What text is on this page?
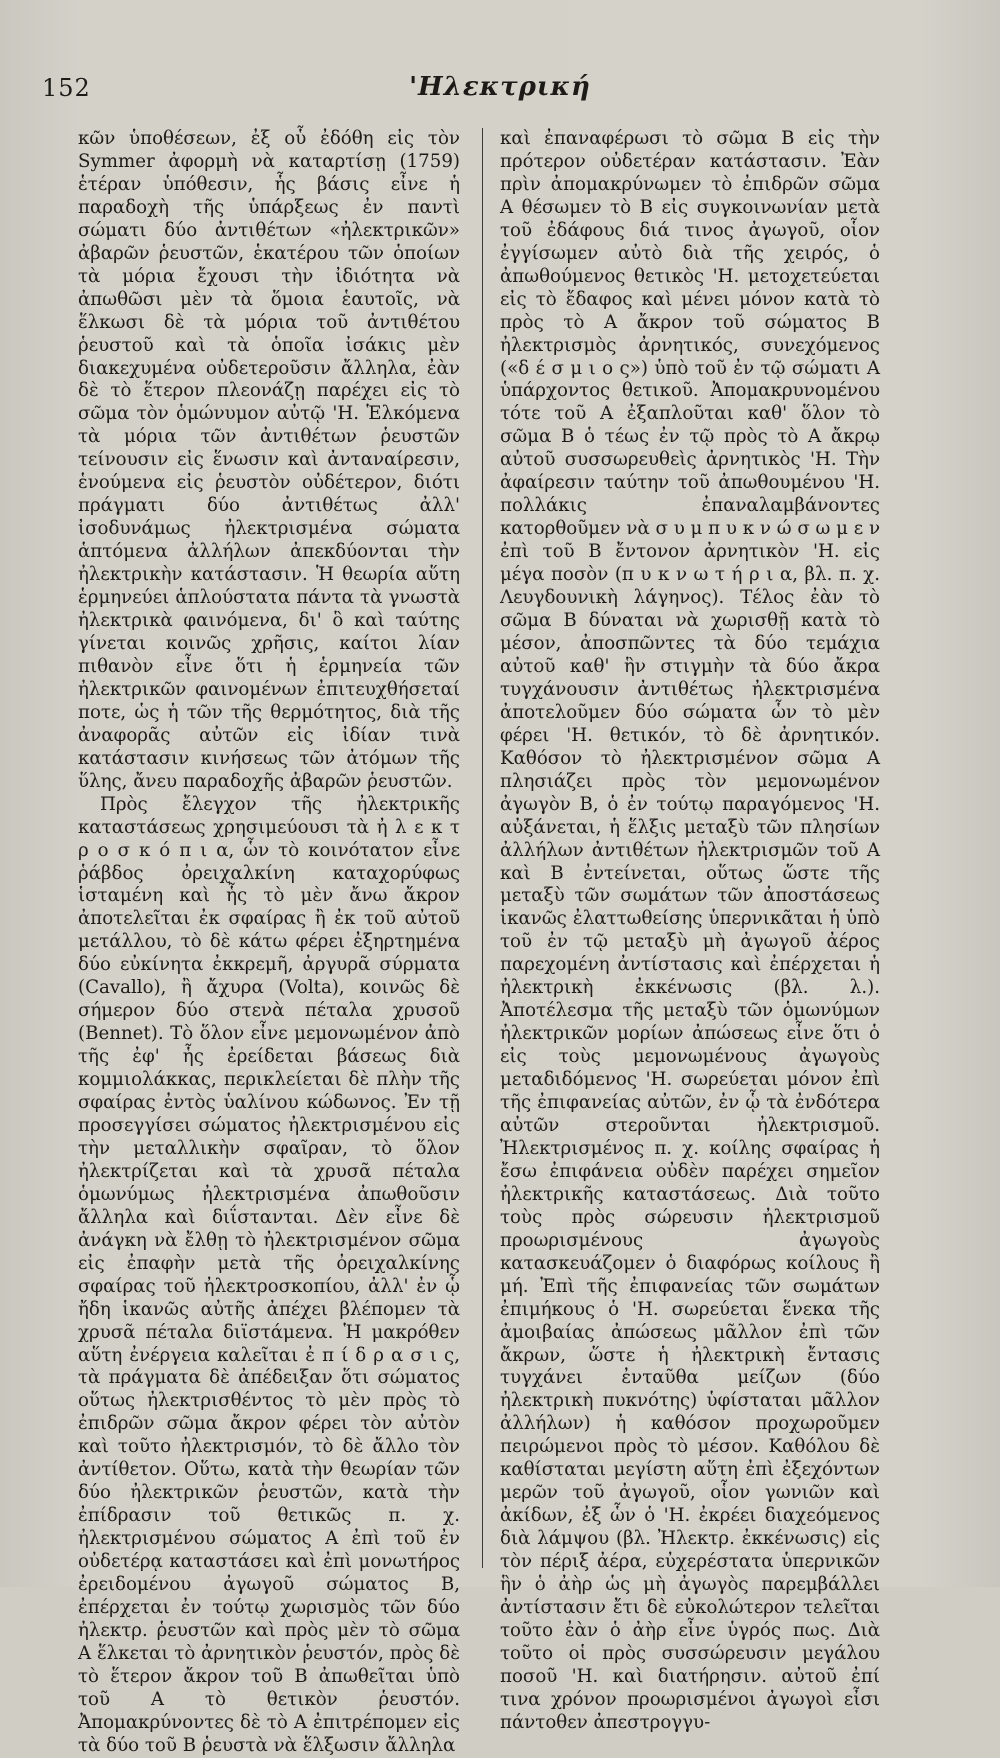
152	'Ηλεκτρική

κῶν ὑποθέσεων, ἐξ οὗ ἐδόθη εἰς τὸν Symmer ἀφορμὴ νὰ καταρτίσῃ (1759) ἑτέραν ὑπόθεσιν, ἧς βάσις εἶνε ἡ παραδοχὴ τῆς ὑπάρξεως ἐν παντὶ σώματι δύο ἀντιθέτων «ἠλεκτρικῶν» ἀβαρῶν ῥευστῶν, ἑκατέρου τῶν ὁποίων τὰ μόρια ἔχουσι τὴν ἰδιότητα νὰ ἀπωθῶσι μὲν τὰ ὅμοια ἑαυτοῖς, νὰ ἕλκωσι δὲ τὰ μόρια τοῦ ἀντιθέτου ῥευστοῦ καὶ τὰ ὁποῖα ἰσάκις μὲν διακεχυμένα οὐδετεροῦσιν ἄλληλα, ἐὰν δὲ τὸ ἕτερον πλεονάζῃ παρέχει εἰς τὸ σῶμα τὸν ὁμώνυμον αὐτῷ 'Η. Ἑλκόμενα τὰ μόρια τῶν ἀντιθέτων ῥευστῶν τείνουσιν εἰς ἕνωσιν καὶ ἀνταναίρεσιν, ἑνούμενα εἰς ῥευστὸν οὐδέτερον, διότι πράγματι δύο ἀντιθέτως ἀλλ' ἰσοδυνάμως ἠλεκτρισμένα σώματα ἁπτόμενα ἀλλήλων ἀπεκδύονται τὴν ἠλεκτρικὴν κατάστασιν. Ἡ θεωρία αὕτη ἑρμηνεύει ἁπλούστατα πάντα τὰ γνωστὰ ἠλεκτρικὰ φαινόμενα, δι' ὃ καὶ ταύτης γίνεται κοινῶς χρῆσις, καίτοι λίαν πιθανὸν εἶνε ὅτι ἡ ἑρμηνεία τῶν ἠλεκτρικῶν φαινομένων ἐπιτευχθήσεταί ποτε, ὡς ἡ τῶν τῆς θερμότητος, διὰ τῆς ἀναφορᾶς αὐτῶν εἰς ἰδίαν τινὰ κατάστασιν κινήσεως τῶν ἀτόμων τῆς ὕλης, ἄνευ παραδοχῆς ἀβαρῶν ῥευστῶν.

Πρὸς ἔλεγχον τῆς ἠλεκτρικῆς καταστάσεως χρησιμεύουσι τὰ ἠ λ ε κ τ ρ ο σ κ ό π ι α, ὧν τὸ κοινότατον εἶνε ῥάβδος ὀρειχαλκίνη καταχορύφως ἱσταμένη καὶ ἧς τὸ μὲν ἄνω ἄκρον ἀποτελεῖται ἐκ σφαίρας ἢ ἐκ τοῦ αὐτοῦ μετάλλου, τὸ δὲ κάτω φέρει ἐξηρτημένα δύο εὐκίνητα ἐκκρεμῆ, ἀργυρᾶ σύρματα (Cavallo), ἢ ἄχυρα (Volta), κοινῶς δὲ σήμερον δύο στενὰ πέταλα χρυσοῦ (Bennet). Τὸ ὅλον εἶνε μεμονωμένον ἀπὸ τῆς ἐφ' ἧς ἐρείδεται βάσεως διὰ κομμιολάκκας, περικλείεται δὲ πλὴν τῆς σφαίρας ἐντὸς ὑαλίνου κώδωνος. Ἐν τῇ προσεγγίσει σώματος ἠλεκτρισμένου εἰς τὴν μεταλλικὴν σφαῖραν, τὸ ὅλον ἠλεκτρίζεται καὶ τὰ χρυσᾶ πέταλα ὁμωνύμως ἠλεκτρισμένα ἀπωθοῦσιν ἄλληλα καὶ διΐστανται. Δὲν εἶνε δὲ ἀνάγκη νὰ ἔλθῃ τὸ ἠλεκτρισμένον σῶμα εἰς ἐπαφὴν μετὰ τῆς ὀρειχαλκίνης σφαίρας τοῦ ἠλεκτροσκοπίου, ἀλλ' ἐν ᾧ ἤδη ἱκανῶς αὐτῆς ἀπέχει βλέπομεν τὰ χρυσᾶ πέταλα διϊστάμενα. Ἡ μακρόθεν αὕτη ἐνέργεια καλεῖται ἐ π ί δ ρ α σ ι ς, τὰ πράγματα δὲ ἀπέδειξαν ὅτι σώματος οὕτως ἠλεκτρισθέντος τὸ μὲν πρὸς τὸ ἐπιδρῶν σῶμα ἄκρον φέρει τὸν αὐτὸν καὶ τοῦτο ἠλεκτρισμόν, τὸ δὲ ἄλλο τὸν ἀντίθετον. Οὕτω, κατὰ τὴν θεωρίαν τῶν δύο ἠλεκτρικῶν ῥευστῶν, κατὰ τὴν ἐπίδρασιν τοῦ θετικῶς π. χ. ἠλεκτρισμένου σώματος Α ἐπὶ τοῦ ἐν οὐδετέρᾳ καταστάσει καὶ ἐπὶ μονωτήρος ἐρειδομένου ἀγωγοῦ σώματος Β, ἐπέρχεται ἐν τούτῳ χωρισμὸς τῶν δύο ἠλεκτρ. ῥευστῶν καὶ πρὸς μὲν τὸ σῶμα Α ἕλκεται τὸ ἀρνητικὸν ῥευστόν, πρὸς δὲ τὸ ἕτερον ἄκρον τοῦ Β ἀπωθεῖται ὑπὸ τοῦ Α τὸ θετικὸν ῥευστόν. Ἀπομακρύνοντες δὲ τὸ Α ἐπιτρέπομεν εἰς τὰ δύο τοῦ Β ῥευστὰ νὰ ἕλξωσιν ἄλληλα

καὶ ἐπαναφέρωσι τὸ σῶμα Β εἰς τὴν πρότερον οὐδετέραν κατάστασιν. Ἐὰν πρὶν ἀπομακρύνωμεν τὸ ἐπιδρῶν σῶμα Α θέσωμεν τὸ Β εἰς συγκοινωνίαν μετὰ τοῦ ἐδάφους διά τινος ἀγωγοῦ, οἷον ἐγγίσωμεν αὐτὸ διὰ τῆς χειρός, ὁ ἀπωθούμενος θετικὸς 'Η. μετοχετεύεται εἰς τὸ ἔδαφος καὶ μένει μόνον κατὰ τὸ πρὸς τὸ Α ἄκρον τοῦ σώματος Β ἠλεκτρισμὸς ἀρνητικός, συνεχόμενος («δ έ σ μ ι ο ς») ὑπὸ τοῦ ἐν τῷ σώματι Α ὑπάρχοντος θετικοῦ. Ἀπομακρυνομένου τότε τοῦ Α ἐξαπλοῦται καθ' ὅλον τὸ σῶμα Β ὁ τέως ἐν τῷ πρὸς τὸ Α ἄκρῳ αὐτοῦ συσσωρευθεὶς ἀρνητικὸς 'Η. Τὴν ἀφαίρεσιν ταύτην τοῦ ἀπωθουμένου 'Η. πολλάκις ἐπαναλαμβάνοντες κατορθοῦμεν νὰ σ υ μ π υ κ ν ώ σ ω μ ε ν ἐπὶ τοῦ Β ἔντονον ἀρνητικὸν 'Η. εἰς μέγα ποσὸν (π υ κ ν ω τ ή ρ ι α, βλ. π. χ. Λευγδουνικὴ λάγηνος). Τέλος ἐὰν τὸ σῶμα Β δύναται νὰ χωρισθῇ κατὰ τὸ μέσον, ἀποσπῶντες τὰ δύο τεμάχια αὐτοῦ καθ' ἣν στιγμὴν τὰ δύο ἄκρα τυγχάνουσιν ἀντιθέτως ἠλεκτρισμένα ἀποτελοῦμεν δύο σώματα ὧν τὸ μὲν φέρει 'Η. θετικόν, τὸ δὲ ἀρνητικόν. Καθόσον τὸ ἠλεκτρισμένον σῶμα Α πλησιάζει πρὸς τὸν μεμονωμένον ἀγωγὸν Β, ὁ ἐν τούτῳ παραγόμενος 'Η. αὐξάνεται, ἡ ἕλξις μεταξὺ τῶν πλησίων ἀλλήλων ἀντιθέτων ἠλεκτρισμῶν τοῦ Α καὶ Β ἐντείνεται, οὕτως ὥστε τῆς μεταξὺ τῶν σωμάτων τῶν ἀποστάσεως ἱκανῶς ἐλαττωθείσης ὑπερνικᾶται ἡ ὑπὸ τοῦ ἐν τῷ μεταξὺ μὴ ἀγωγοῦ ἀέρος παρεχομένη ἀντίστασις καὶ ἐπέρχεται ἡ ἠλεκτρικὴ ἐκκένωσις (βλ. λ.). Ἀποτέλεσμα τῆς μεταξὺ τῶν ὁμωνύμων ἠλεκτρικῶν μορίων ἀπώσεως εἶνε ὅτι ὁ εἰς τοὺς μεμονωμένους ἀγωγοὺς μεταδιδόμενος 'Η. σωρεύεται μόνον ἐπὶ τῆς ἐπιφανείας αὐτῶν, ἐν ᾧ τὰ ἐνδότερα αὐτῶν στεροῦνται ἠλεκτρισμοῦ. Ἠλεκτρισμένος π. χ. κοίλης σφαίρας ἡ ἔσω ἐπιφάνεια οὐδὲν παρέχει σημεῖον ἠλεκτρικῆς καταστάσεως. Διὰ τοῦτο τοὺς πρὸς σώρευσιν ἠλεκτρισμοῦ προωρισμένους ἀγωγοὺς κατασκευάζομεν ὁ διαφόρως κοίλους ἢ μή. Ἐπὶ τῆς ἐπιφανείας τῶν σωμάτων ἐπιμήκους ὁ 'Η. σωρεύεται ἕνεκα τῆς ἀμοιβαίας ἀπώσεως μᾶλλον ἐπὶ τῶν ἄκρων, ὥστε ἡ ἠλεκτρικὴ ἔντασις τυγχάνει ἐνταῦθα μείζων (δύο ἠλεκτρικὴ πυκνότης) ὑφίσταται μᾶλλον ἀλλήλων) ἡ καθόσον προχωροῦμεν πειρώμενοι πρὸς τὸ μέσον. Καθόλου δὲ καθίσταται μεγίστη αὕτη ἐπὶ ἐξεχόντων μερῶν τοῦ ἀγωγοῦ, οἷον γωνιῶν καὶ ἀκίδων, ἐξ ὧν ὁ 'Η. ἐκρέει διαχεόμενος διὰ λάμψου (βλ. Ἠλεκτρ. ἐκκένωσις) εἰς τὸν πέριξ ἀέρα, εὐχερέστατα ὑπερνικῶν ἣν ὁ ἀὴρ ὡς μὴ ἀγωγὸς παρεμβάλλει ἀντίστασιν ἔτι δὲ εὐκολώτερον τελεῖται τοῦτο ἐὰν ὁ ἀὴρ εἶνε ὑγρός πως. Διὰ τοῦτο οἱ πρὸς συσσώρευσιν μεγάλου ποσοῦ 'Η. καὶ διατήρησιν. αὐτοῦ ἐπί τινα χρόνον προωρισμένοι ἀγωγοὶ εἶσι πάντοθεν ἀπεστρογγυ-
